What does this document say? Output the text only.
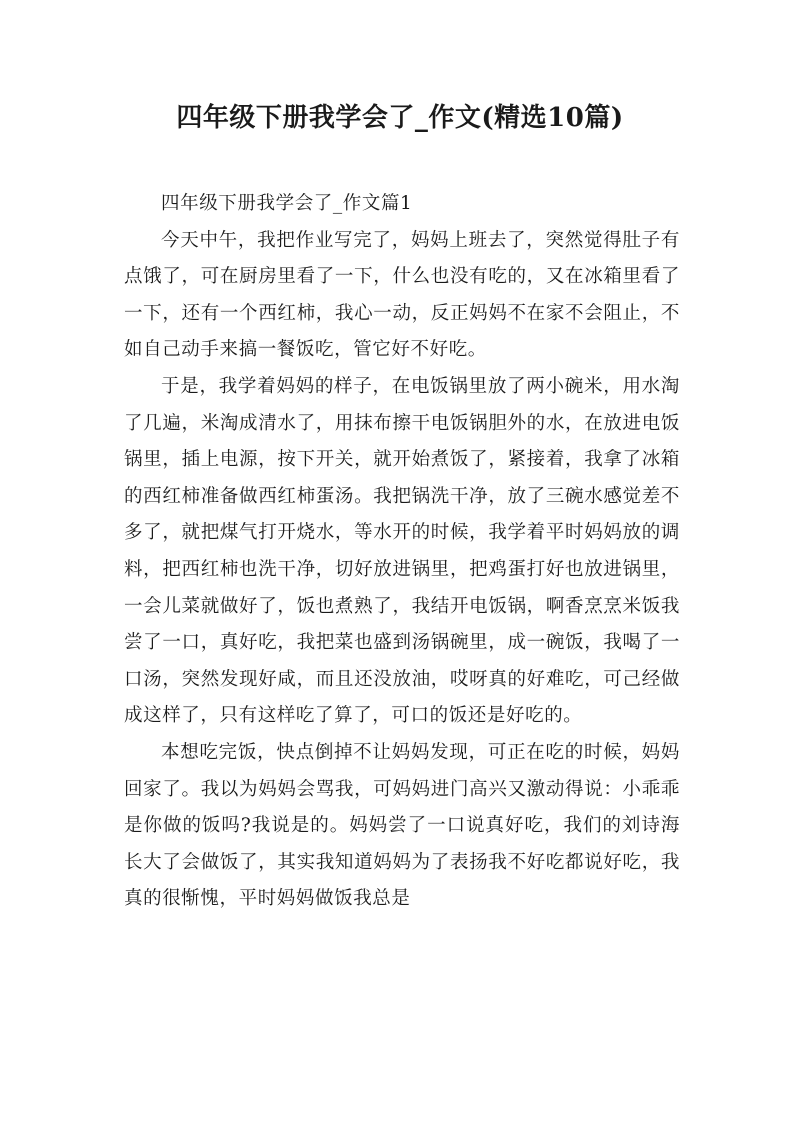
四年级下册我学会了_作文(精选10篇)

四年级下册我学会了_作文篇1

今天中午，我把作业写完了，妈妈上班去了，突然觉得肚子有点饿了，可在厨房里看了一下，什么也没有吃的，又在冰箱里看了一下，还有一个西红柿，我心一动，反正妈妈不在家不会阻止，不如自己动手来搞一餐饭吃，管它好不好吃。

于是，我学着妈妈的样子，在电饭锅里放了两小碗米，用水淘了几遍，米淘成清水了，用抹布擦干电饭锅胆外的水，在放进电饭锅里，插上电源，按下开关，就开始煮饭了，紧接着，我拿了冰箱的西红柿准备做西红柿蛋汤。我把锅洗干净，放了三碗水感觉差不多了，就把煤气打开烧水，等水开的时候，我学着平时妈妈放的调料，把西红柿也洗干净，切好放进锅里，把鸡蛋打好也放进锅里，一会儿菜就做好了，饭也煮熟了，我结开电饭锅，啊香烹烹米饭我尝了一口，真好吃，我把菜也盛到汤锅碗里，成一碗饭，我喝了一口汤，突然发现好咸，而且还没放油，哎呀真的好难吃，可己经做成这样了，只有这样吃了算了，可口的饭还是好吃的。

本想吃完饭，快点倒掉不让妈妈发现，可正在吃的时候，妈妈回家了。我以为妈妈会骂我，可妈妈进门高兴又激动得说：小乖乖是你做的饭吗?我说是的。妈妈尝了一口说真好吃，我们的刘诗海长大了会做饭了，其实我知道妈妈为了表扬我不好吃都说好吃，我真的很惭愧，平时妈妈做饭我总是
